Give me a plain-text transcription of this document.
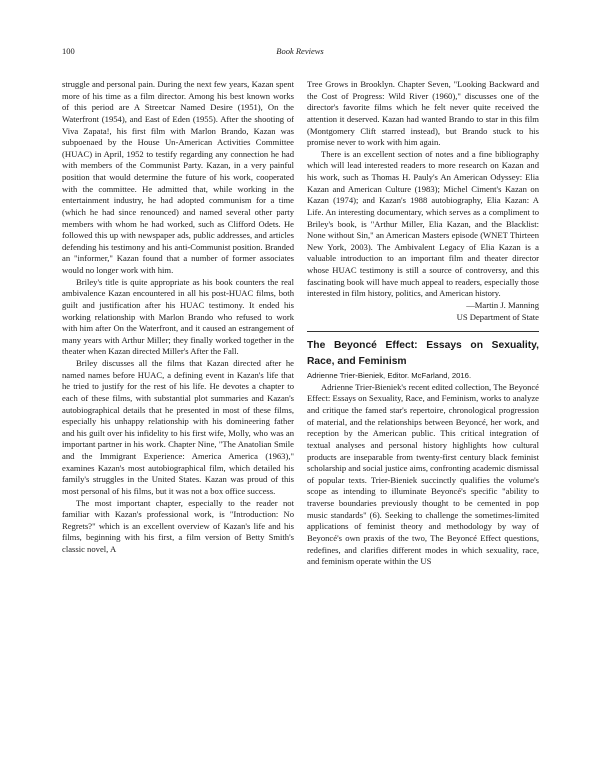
100	Book Reviews

struggle and personal pain. During the next few years, Kazan spent more of his time as a film director. Among his best known works of this period are A Streetcar Named Desire (1951), On the Waterfront (1954), and East of Eden (1955). After the shooting of Viva Zapata!, his first film with Marlon Brando, Kazan was subpoenaed by the House Un-American Activities Committee (HUAC) in April, 1952 to testify regarding any connection he had with members of the Communist Party. Kazan, in a very painful position that would determine the future of his work, cooperated with the committee. He admitted that, while working in the entertainment industry, he had adopted communism for a time (which he had since renounced) and named several other party members with whom he had worked, such as Clifford Odets. He followed this up with newspaper ads, public addresses, and articles defending his testimony and his anti-Communist position. Branded an "informer," Kazan found that a number of former associates would no longer work with him.

Briley's title is quite appropriate as his book counters the real ambivalence Kazan encountered in all his post-HUAC films, both guilt and justification after his HUAC testimony. It ended his working relationship with Marlon Brando who refused to work with him after On the Waterfront, and it caused an estrangement of many years with Arthur Miller; they finally worked together in the theater when Kazan directed Miller's After the Fall.

Briley discusses all the films that Kazan directed after he named names before HUAC, a defining event in Kazan's life that he tried to justify for the rest of his life. He devotes a chapter to each of these films, with substantial plot summaries and Kazan's autobiographical details that he presented in most of these films, especially his unhappy relationship with his domineering father and his guilt over his infidelity to his first wife, Molly, who was an important partner in his work. Chapter Nine, "The Anatolian Smile and the Immigrant Experience: America America (1963)," examines Kazan's most autobiographical film, which detailed his family's struggles in the United States. Kazan was proud of this most personal of his films, but it was not a box office success.

The most important chapter, especially to the reader not familiar with Kazan's professional work, is "Introduction: No Regrets?" which is an excellent overview of Kazan's life and his films, beginning with his first, a film version of Betty Smith's classic novel, A

Tree Grows in Brooklyn. Chapter Seven, "Looking Backward and the Cost of Progress: Wild River (1960)," discusses one of the director's favorite films which he felt never quite received the attention it deserved. Kazan had wanted Brando to star in this film (Montgomery Clift starred instead), but Brando stuck to his promise never to work with him again.

There is an excellent section of notes and a fine bibliography which will lead interested readers to more research on Kazan and his work, such as Thomas H. Pauly's An American Odyssey: Elia Kazan and American Culture (1983); Michel Ciment's Kazan on Kazan (1974); and Kazan's 1988 autobiography, Elia Kazan: A Life. An interesting documentary, which serves as a compliment to Briley's book, is "Arthur Miller, Elia Kazan, and the Blacklist: None without Sin," an American Masters episode (WNET Thirteen New York, 2003). The Ambivalent Legacy of Elia Kazan is a valuable introduction to an important film and theater director whose HUAC testimony is still a source of controversy, and this fascinating book will have much appeal to readers, especially those interested in film history, politics, and American history.

—Martin J. Manning

US Department of State

The Beyoncé Effect: Essays on Sexuality, Race, and Feminism

Adrienne Trier-Bieniek, Editor. McFarland, 2016.

Adrienne Trier-Bieniek's recent edited collection, The Beyoncé Effect: Essays on Sexuality, Race, and Feminism, works to analyze and critique the famed star's repertoire, chronological progression of material, and the relationships between Beyoncé, her work, and reception by the American public. This critical integration of textual analyses and personal history highlights how cultural products are inseparable from twenty-first century black feminist scholarship and social justice aims, confronting academic dismissal of popular texts. Trier-Bieniek succinctly qualifies the volume's scope as intending to illuminate Beyoncé's specific "ability to traverse boundaries previously thought to be cemented in pop music standards" (6). Seeking to challenge the sometimes-limited applications of feminist theory and methodology by way of Beyoncé's own praxis of the two, The Beyoncé Effect questions, redefines, and clarifies different modes in which sexuality, race, and feminism operate within the US
